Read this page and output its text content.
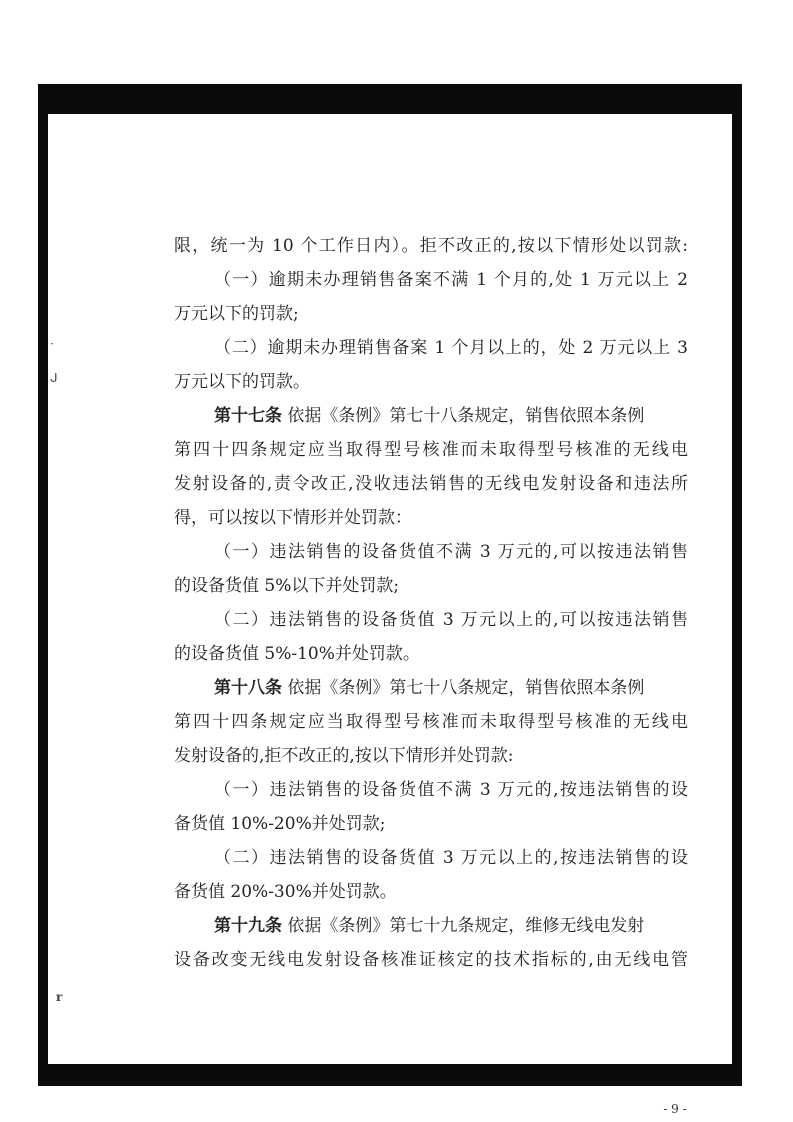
·
ᒍ
r
限，统一为 10 个工作日内）。拒不改正的,按以下情形处以罚款:
（一）逾期未办理销售备案不满 1 个月的,处 1 万元以上 2
万元以下的罚款;
（二）逾期未办理销售备案 1 个月以上的，处 2 万元以上 3
万元以下的罚款。
第十七条 依据《条例》第七十八条规定，销售依照本条例
第四十四条规定应当取得型号核准而未取得型号核准的无线电
发射设备的,责令改正,没收违法销售的无线电发射设备和违法所
得，可以按以下情形并处罚款：
（一）违法销售的设备货值不满 3 万元的,可以按违法销售
的设备货值 5%以下并处罚款;
（二）违法销售的设备货值 3 万元以上的,可以按违法销售
的设备货值 5%-10%并处罚款。
第十八条 依据《条例》第七十八条规定，销售依照本条例
第四十四条规定应当取得型号核准而未取得型号核准的无线电
发射设备的,拒不改正的,按以下情形并处罚款:
（一）违法销售的设备货值不满 3 万元的,按违法销售的设
备货值 10%-20%并处罚款;
（二）违法销售的设备货值 3 万元以上的,按违法销售的设
备货值 20%-30%并处罚款。
第十九条 依据《条例》第七十九条规定，维修无线电发射
设备改变无线电发射设备核准证核定的技术指标的,由无线电管
- 9 -
